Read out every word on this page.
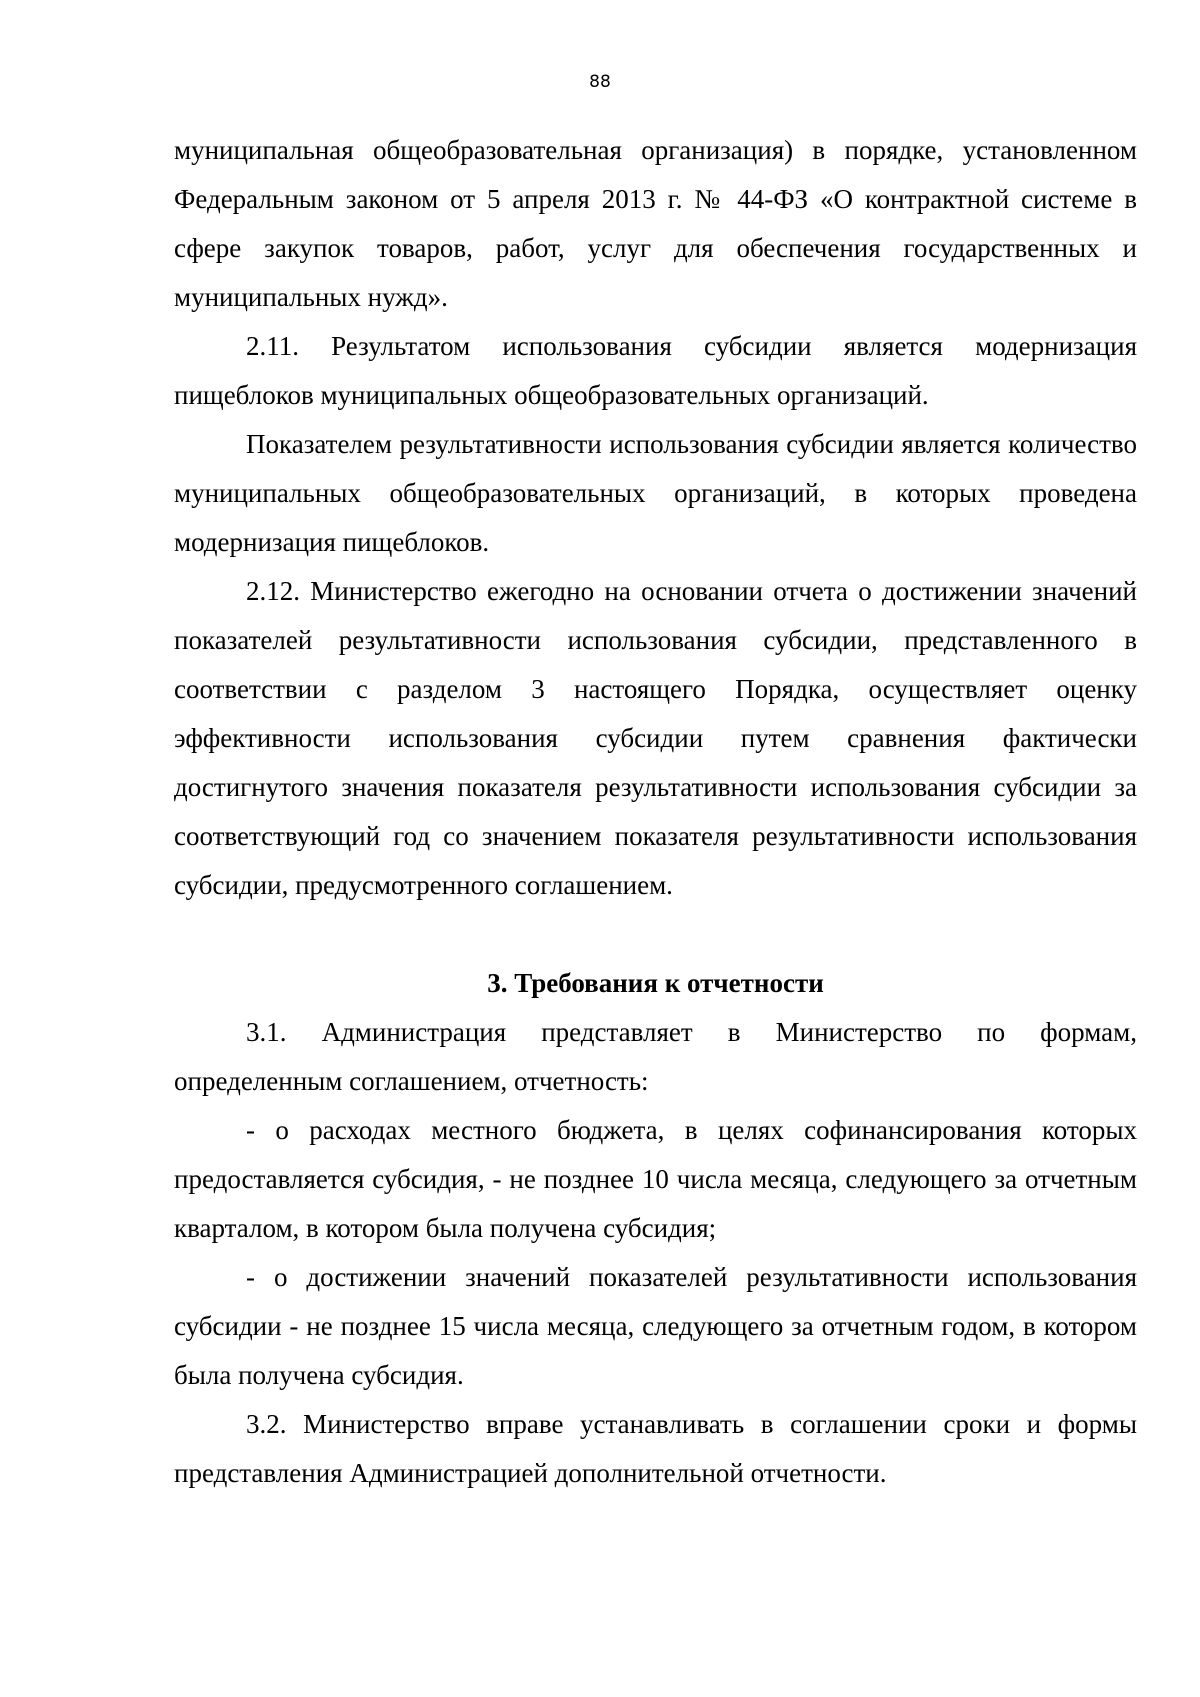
88

муниципальная общеобразовательная организация) в порядке, установленном Федеральным законом от 5 апреля 2013 г. № 44-ФЗ «О контрактной системе в сфере закупок товаров, работ, услуг для обеспечения государственных и муниципальных нужд».

2.11. Результатом использования субсидии является модернизация пищеблоков муниципальных общеобразовательных организаций.

Показателем результативности использования субсидии является количество муниципальных общеобразовательных организаций, в которых проведена модернизация пищеблоков.

2.12. Министерство ежегодно на основании отчета о достижении значений показателей результативности использования субсидии, представленного в соответствии с разделом 3 настоящего Порядка, осуществляет оценку эффективности использования субсидии путем сравнения фактически достигнутого значения показателя результативности использования субсидии за соответствующий год со значением показателя результативности использования субсидии, предусмотренного соглашением.

3. Требования к отчетности

3.1. Администрация представляет в Министерство по формам, определенным соглашением, отчетность:

- о расходах местного бюджета, в целях софинансирования которых предоставляется субсидия, - не позднее 10 числа месяца, следующего за отчетным кварталом, в котором была получена субсидия;

- о достижении значений показателей результативности использования субсидии - не позднее 15 числа месяца, следующего за отчетным годом, в котором была получена субсидия.

3.2. Министерство вправе устанавливать в соглашении сроки и формы представления Администрацией дополнительной отчетности.
